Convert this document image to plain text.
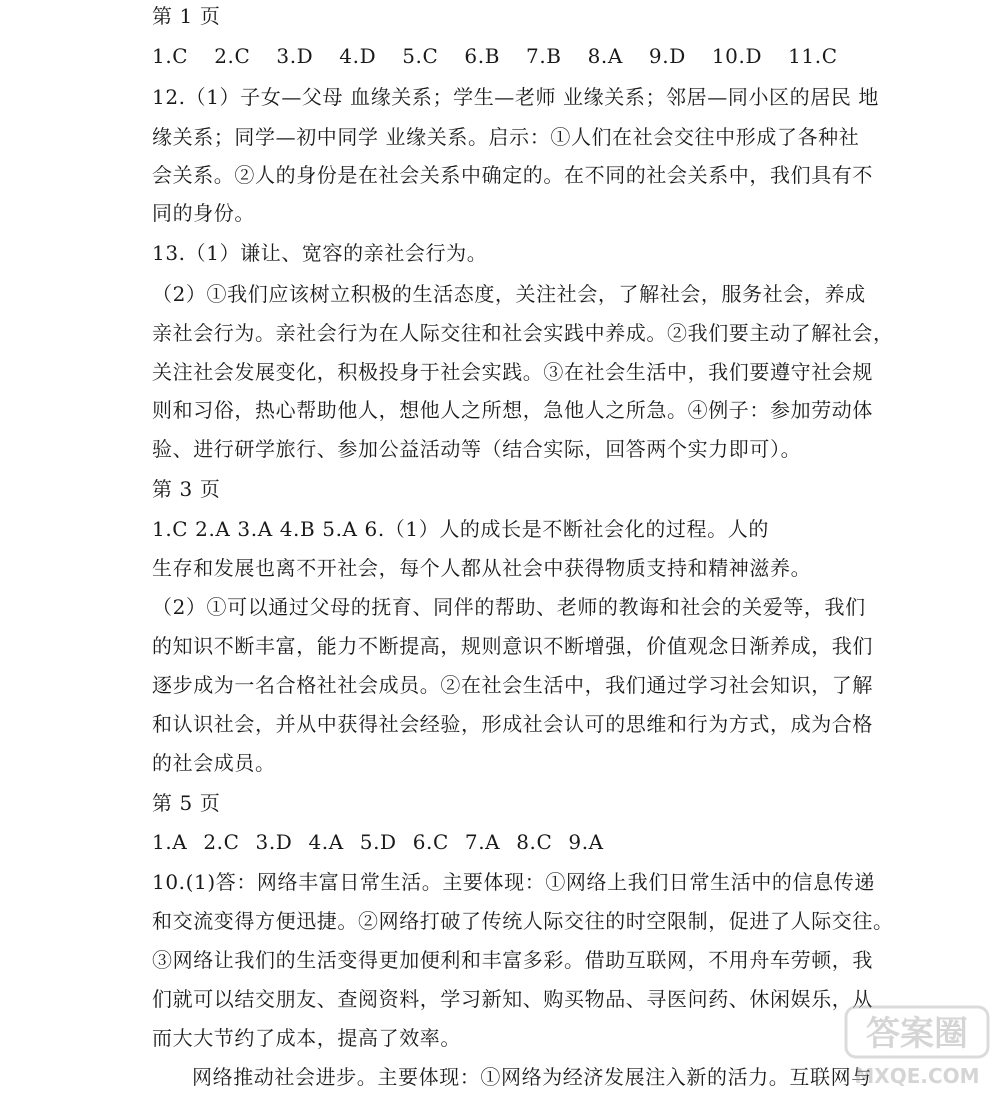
第 1 页
1.C 2.C 3.D 4.D 5.C 6.B 7.B 8.A 9.D 10.D 11.C
12.（1）子女—父母 血缘关系；学生—老师 业缘关系；邻居—同小区的居民 地
缘关系；同学—初中同学 业缘关系。启示：①人们在社会交往中形成了各种社
会关系。②人的身份是在社会关系中确定的。在不同的社会关系中，我们具有不
同的身份。
13.（1）谦让、宽容的亲社会行为。
（2）①我们应该树立积极的生活态度，关注社会，了解社会，服务社会，养成
亲社会行为。亲社会行为在人际交往和社会实践中养成。②我们要主动了解社会，
关注社会发展变化，积极投身于社会实践。③在社会生活中，我们要遵守社会规
则和习俗，热心帮助他人，想他人之所想，急他人之所急。④例子：参加劳动体
验、进行研学旅行、参加公益活动等（结合实际，回答两个实力即可）。
第 3 页
1.C 2.A 3.A 4.B 5.A 6.（1）人的成长是不断社会化的过程。人的
生存和发展也离不开社会，每个人都从社会中获得物质支持和精神滋养。
（2）①可以通过父母的抚育、同伴的帮助、老师的教诲和社会的关爱等，我们
的知识不断丰富，能力不断提高，规则意识不断增强，价值观念日渐养成，我们
逐步成为一名合格社社会成员。②在社会生活中，我们通过学习社会知识，了解
和认识社会，并从中获得社会经验，形成社会认可的思维和行为方式，成为合格
的社会成员。
第 5 页
1.A 2.C 3.D 4.A 5.D 6.C 7.A 8.C 9.A
10.(1)答：网络丰富日常生活。主要体现：①网络上我们日常生活中的信息传递
和交流变得方便迅捷。②网络打破了传统人际交往的时空限制，促进了人际交往。
③网络让我们的生活变得更加便利和丰富多彩。借助互联网，不用舟车劳顿，我
们就可以结交朋友、查阅资料，学习新知、购买物品、寻医问药、休闲娱乐，从
而大大节约了成本，提高了效率。
网络推动社会进步。主要体现：①网络为经济发展注入新的活力。互联网与
答案圈
MXQE.COM
